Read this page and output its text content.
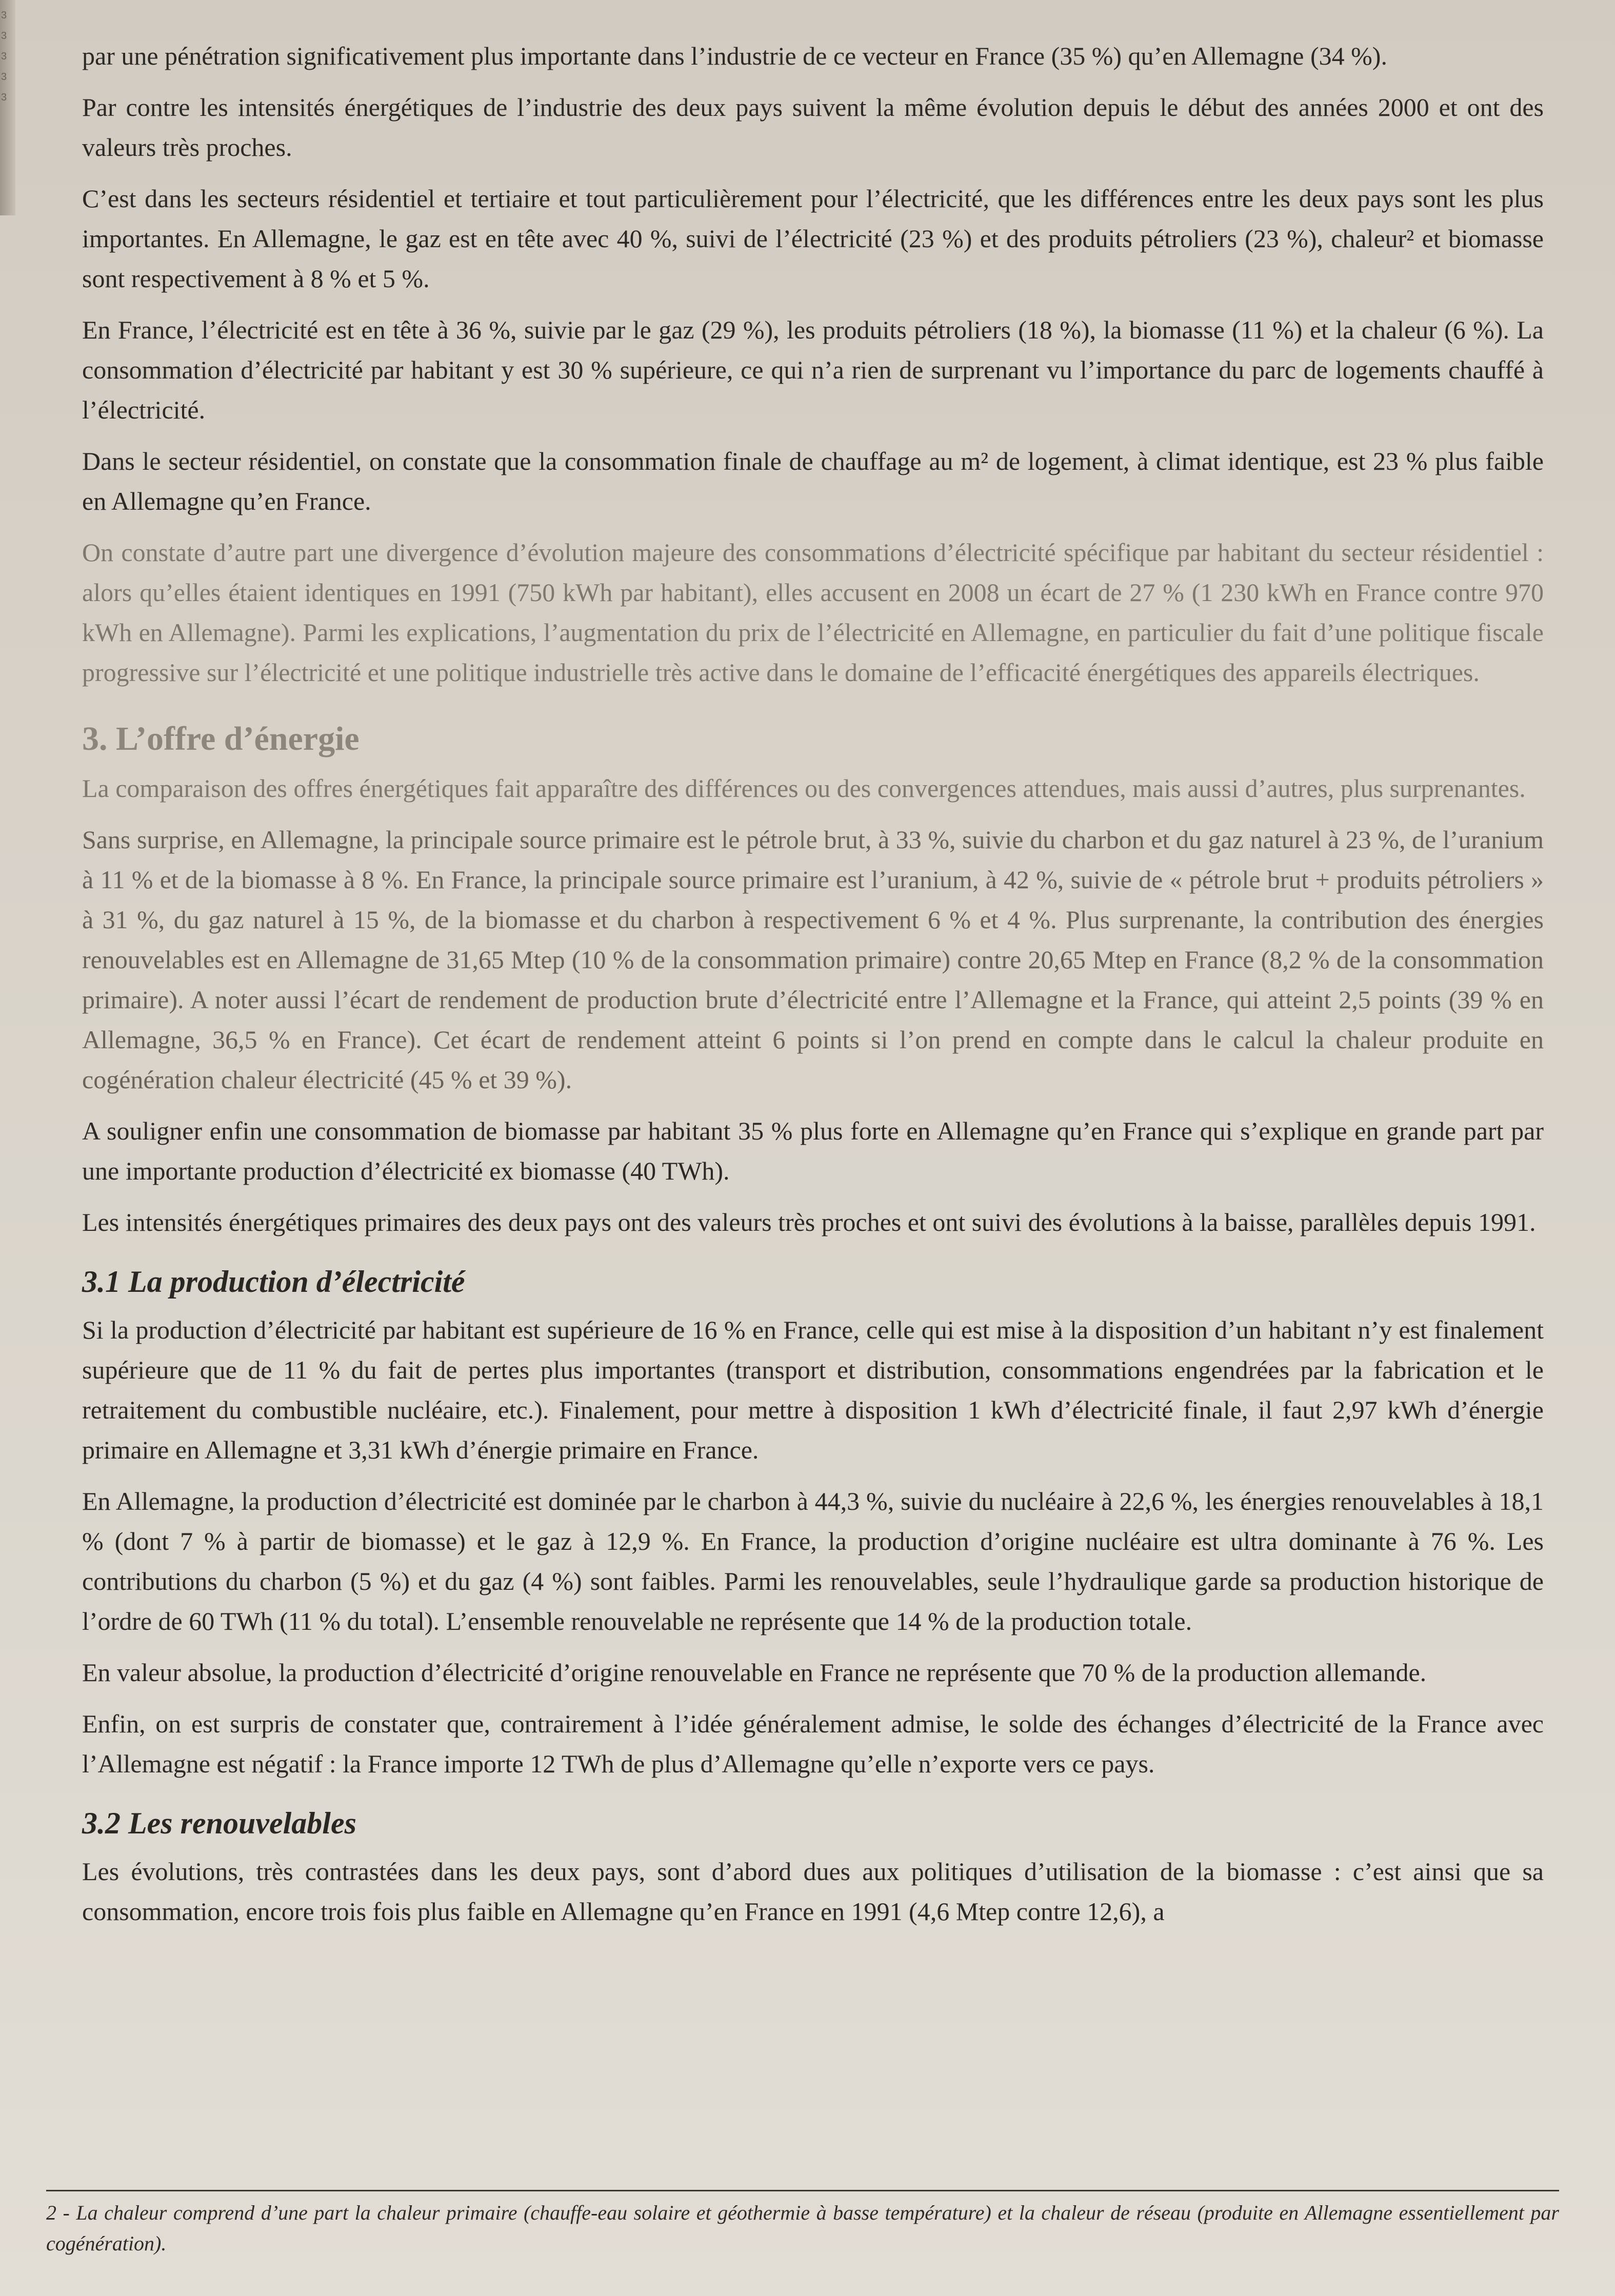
3
3
3
3
3

par une pénétration significativement plus importante dans l’industrie de ce vecteur en France (35 %) qu’en Allemagne (34 %).

Par contre les intensités énergétiques de l’industrie des deux pays suivent la même évolution depuis le début des années 2000 et ont des valeurs très proches.

C’est dans les secteurs résidentiel et tertiaire et tout particulièrement pour l’électricité, que les différences entre les deux pays sont les plus importantes. En Allemagne, le gaz est en tête avec 40 %, suivi de l’électricité (23 %) et des produits pétroliers (23 %), chaleur² et biomasse sont respectivement à 8 % et 5 %.

En France, l’électricité est en tête à 36 %, suivie par le gaz (29 %), les produits pétroliers (18 %), la biomasse (11 %) et la chaleur (6 %). La consommation d’électricité par habitant y est 30 % supérieure, ce qui n’a rien de surprenant vu l’importance du parc de logements chauffé à l’électricité.

Dans le secteur résidentiel, on constate que la consommation finale de chauffage au m² de logement, à climat identique, est 23 % plus faible en Allemagne qu’en France.

On constate d’autre part une divergence d’évolution majeure des consommations d’électricité spécifique par habitant du secteur résidentiel : alors qu’elles étaient identiques en 1991 (750 kWh par habitant), elles accusent en 2008 un écart de 27 % (1 230 kWh en France contre 970 kWh en Allemagne). Parmi les explications, l’augmentation du prix de l’électricité en Allemagne, en particulier du fait d’une politique fiscale progressive sur l’électricité et une politique industrielle très active dans le domaine de l’efficacité énergétiques des appareils électriques.

3. L’offre d’énergie

La comparaison des offres énergétiques fait apparaître des différences ou des convergences attendues, mais aussi d’autres, plus surprenantes.

Sans surprise, en Allemagne, la principale source primaire est le pétrole brut, à 33 %, suivie du charbon et du gaz naturel à 23 %, de l’uranium à 11 % et de la biomasse à 8 %. En France, la principale source primaire est l’uranium, à 42 %, suivie de « pétrole brut + produits pétroliers » à 31 %, du gaz naturel à 15 %, de la biomasse et du charbon à respectivement 6 % et 4 %. Plus surprenante, la contribution des énergies renouvelables est en Allemagne de 31,65 Mtep (10 % de la consommation primaire) contre 20,65 Mtep en France (8,2 % de la consommation primaire). A noter aussi l’écart de rendement de production brute d’électricité entre l’Allemagne et la France, qui atteint 2,5 points (39 % en Allemagne, 36,5 % en France). Cet écart de rendement atteint 6 points si l’on prend en compte dans le calcul la chaleur produite en cogénération chaleur électricité (45 % et 39 %).

A souligner enfin une consommation de biomasse par habitant 35 % plus forte en Allemagne qu’en France qui s’explique en grande part par une importante production d’électricité ex biomasse (40 TWh).

Les intensités énergétiques primaires des deux pays ont des valeurs très proches et ont suivi des évolutions à la baisse, parallèles depuis 1991.

3.1 La production d’électricité

Si la production d’électricité par habitant est supérieure de 16 % en France, celle qui est mise à la disposition d’un habitant n’y est finalement supérieure que de 11 % du fait de pertes plus importantes (transport et distribution, consommations engendrées par la fabrication et le retraitement du combustible nucléaire, etc.). Finalement, pour mettre à disposition 1 kWh d’électricité finale, il faut 2,97 kWh d’énergie primaire en Allemagne et 3,31 kWh d’énergie primaire en France.

En Allemagne, la production d’électricité est dominée par le charbon à 44,3 %, suivie du nucléaire à 22,6 %, les énergies renouvelables à 18,1 % (dont 7 % à partir de biomasse) et le gaz à 12,9 %. En France, la production d’origine nucléaire est ultra dominante à 76 %. Les contributions du charbon (5 %) et du gaz (4 %) sont faibles. Parmi les renouvelables, seule l’hydraulique garde sa production historique de l’ordre de 60 TWh (11 % du total). L’ensemble renouvelable ne représente que 14 % de la production totale.

En valeur absolue, la production d’électricité d’origine renouvelable en France ne représente que 70 % de la production allemande.

Enfin, on est surpris de constater que, contrairement à l’idée généralement admise, le solde des échanges d’électricité de la France avec l’Allemagne est négatif : la France importe 12 TWh de plus d’Allemagne qu’elle n’exporte vers ce pays.

3.2 Les renouvelables

Les évolutions, très contrastées dans les deux pays, sont d’abord dues aux politiques d’utilisation de la biomasse : c’est ainsi que sa consommation, encore trois fois plus faible en Allemagne qu’en France en 1991 (4,6 Mtep contre 12,6), a

2 - La chaleur comprend d’une part la chaleur primaire (chauffe-eau solaire et géothermie à basse température) et la chaleur de réseau (produite en Allemagne essentiellement par cogénération).
